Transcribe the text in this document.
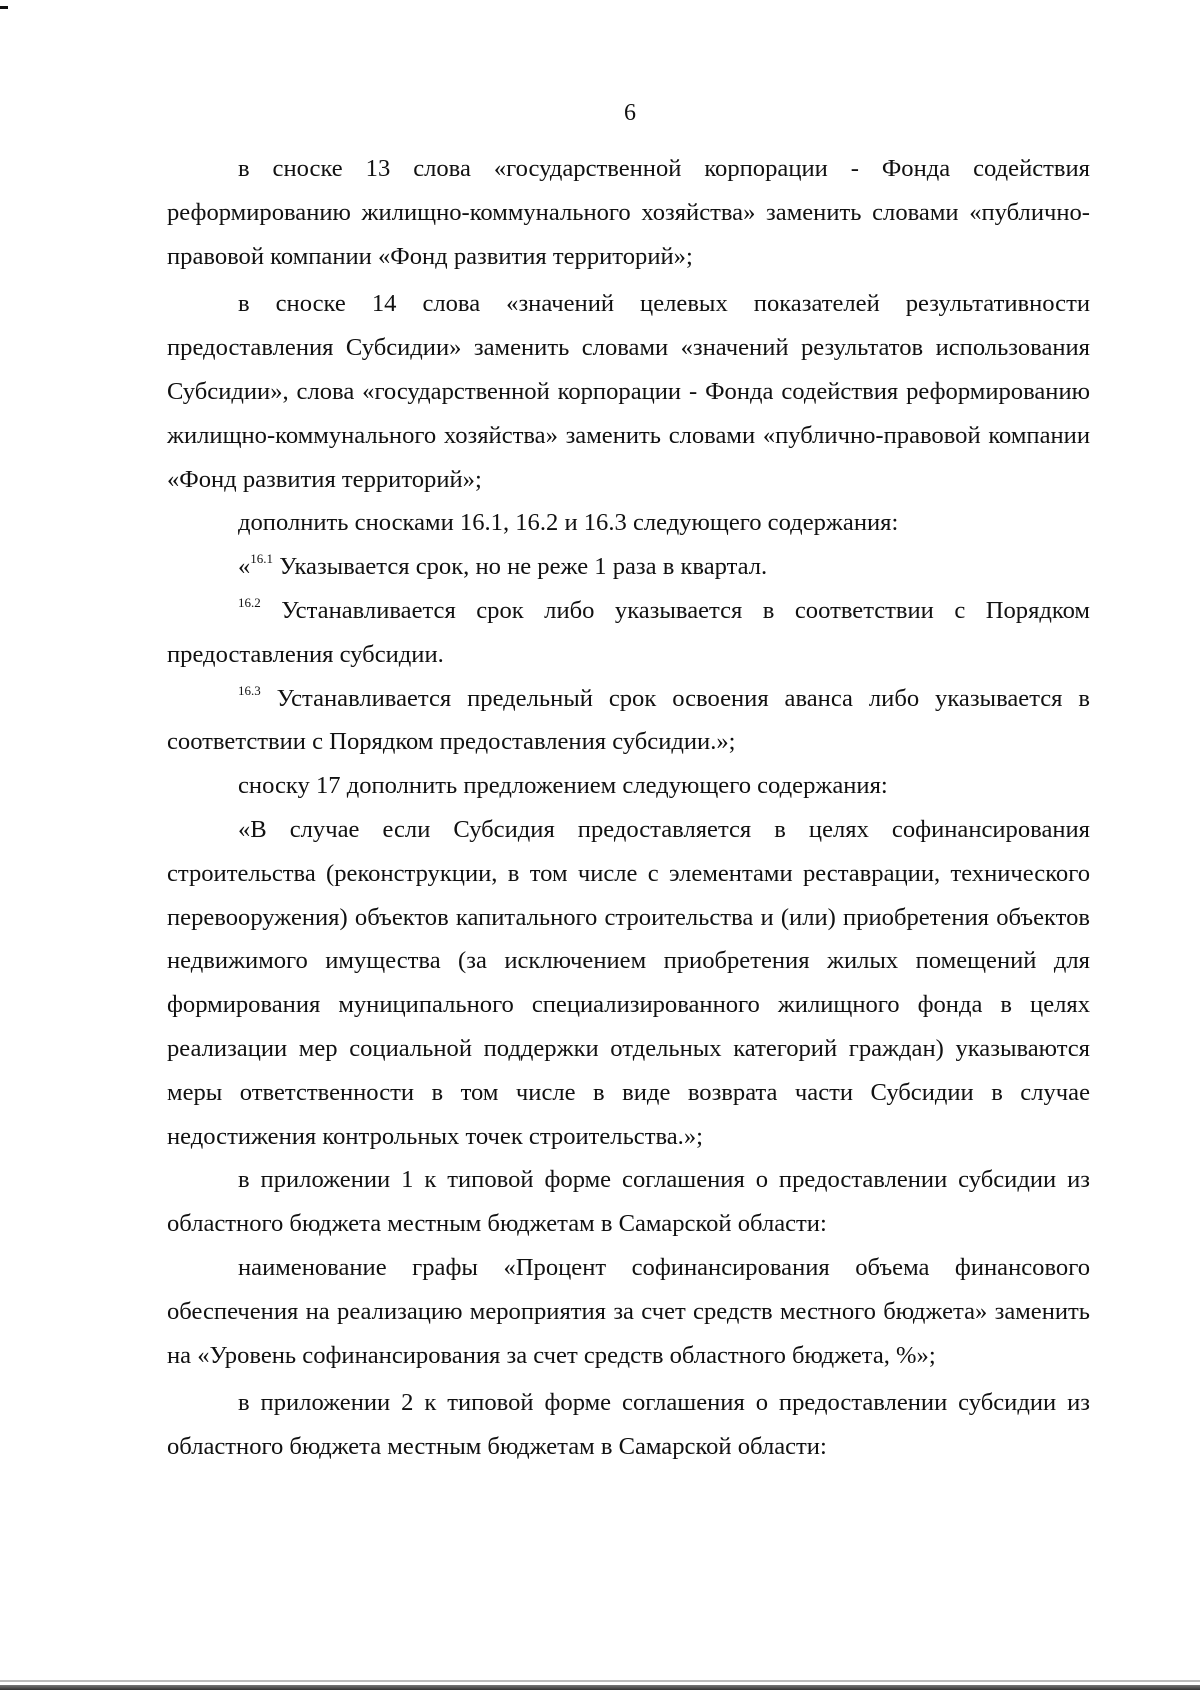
6

в сноске 13 слова «государственной корпорации - Фонда содействия реформированию жилищно-коммунального хозяйства» заменить словами «публично-правовой компании «Фонд развития территорий»;

в сноске 14 слова «значений целевых показателей результативности предоставления Субсидии» заменить словами «значений результатов использования Субсидии», слова «государственной корпорации - Фонда содействия реформированию жилищно-коммунального хозяйства» заменить словами «публично-правовой компании «Фонд развития территорий»;

дополнить сносками 16.1, 16.2 и 16.3 следующего содержания:

«$^{16.1}$ Указывается срок, но не реже 1 раза в квартал.

$^{16.2}$ Устанавливается срок либо указывается в соответствии с Порядком предоставления субсидии.

$^{16.3}$ Устанавливается предельный срок освоения аванса либо указывается в соответствии с Порядком предоставления субсидии.»;

сноску 17 дополнить предложением следующего содержания:

«В случае если Субсидия предоставляется в целях софинансирования строительства (реконструкции, в том числе с элементами реставрации, технического перевооружения) объектов капитального строительства и (или) приобретения объектов недвижимого имущества (за исключением приобретения жилых помещений для формирования муниципального специализированного жилищного фонда в целях реализации мер социальной поддержки отдельных категорий граждан) указываются меры ответственности в том числе в виде возврата части Субсидии в случае недостижения контрольных точек строительства.»;

в приложении 1 к типовой форме соглашения о предоставлении субсидии из областного бюджета местным бюджетам в Самарской области:

наименование графы «Процент софинансирования объема финансового обеспечения на реализацию мероприятия за счет средств местного бюджета» заменить на «Уровень софинансирования за счет средств областного бюджета, %»;

в приложении 2 к типовой форме соглашения о предоставлении субсидии из областного бюджета местным бюджетам в Самарской области:
